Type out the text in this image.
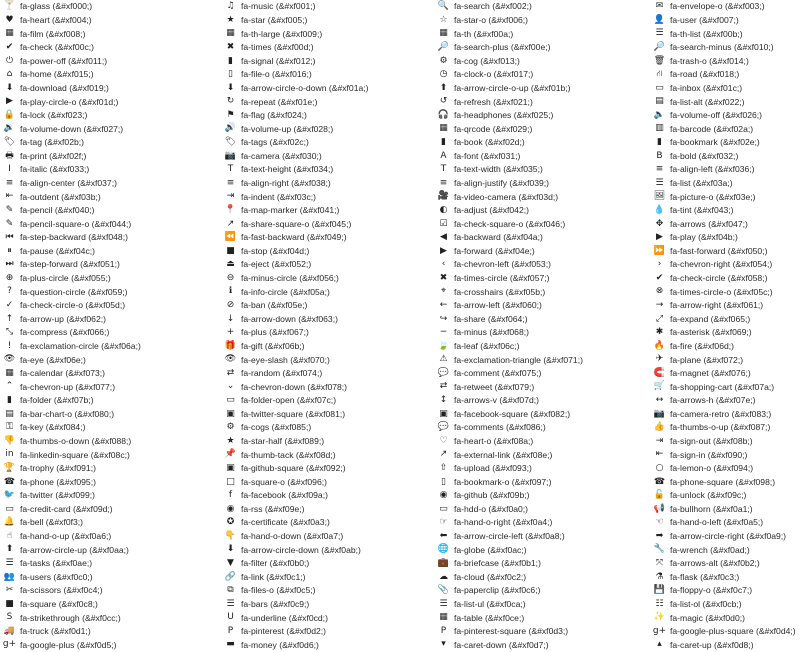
🍸 fa-glass (&#xf000;)
♥ fa-heart (&#xf004;)
▦ fa-film (&#xf008;)
✔ fa-check (&#xf00c;)
⏻ fa-power-off (&#xf011;)
⌂ fa-home (&#xf015;)
⬇ fa-download (&#xf019;)
▶ fa-play-circle-o (&#xf01d;)
🔒 fa-lock (&#xf023;)
🔉 fa-volume-down (&#xf027;)
🏷 fa-tag (&#xf02b;)
🖶 fa-print (&#xf02f;)
I	fa-italic (&#xf033;)
≡ fa-align-center (&#xf037;)
⇤ fa-outdent (&#xf03b;)
✎ fa-pencil (&#xf040;)
✎ fa-pencil-square-o (&#xf044;)
⏮ fa-step-backward (&#xf048;)
⏸ fa-pause (&#xf04c;)
⏭ fa-step-forward (&#xf051;)
⊕ fa-plus-circle (&#xf055;)
? fa-question-circle (&#xf059;)
✓ fa-check-circle-o (&#xf05d;)
↑ fa-arrow-up (&#xf062;)
⤡ fa-compress (&#xf066;)
!	fa-exclamation-circle (&#xf06a;)
👁 fa-eye (&#xf06e;)
▦ fa-calendar (&#xf073;)
⌃ fa-chevron-up (&#xf077;)
▮ fa-folder (&#xf07b;)
▤ fa-bar-chart-o (&#xf080;)
⚿ fa-key (&#xf084;)
👎 fa-thumbs-o-down (&#xf088;)
in fa-linkedin-square (&#xf08c;)
🏆 fa-trophy (&#xf091;)
☎ fa-phone (&#xf095;)
🐦 fa-twitter (&#xf099;)
▭ fa-credit-card (&#xf09d;)
🔔 fa-bell (&#xf0f3;)
☝ fa-hand-o-up (&#xf0a6;)
⬆ fa-arrow-circle-up (&#xf0aa;)
☰ fa-tasks (&#xf0ae;)
👥 fa-users (&#xf0c0;)
✂ fa-scissors (&#xf0c4;)
■ fa-square (&#xf0c8;)
S fa-strikethrough (&#xf0cc;)
🚚 fa-truck (&#xf0d1;)
g+ fa-google-plus (&#xf0d5;)
♫ fa-music (&#xf001;)
★ fa-star (&#xf005;)
▦ fa-th-large (&#xf009;)
✖ fa-times (&#xf00d;)
▮ fa-signal (&#xf012;)
▯ fa-file-o (&#xf016;)
⬇ fa-arrow-circle-o-down (&#xf01a;)
↻ fa-repeat (&#xf01e;)
⚑ fa-flag (&#xf024;)
🔊 fa-volume-up (&#xf028;)
🏷 fa-tags (&#xf02c;)
📷 fa-camera (&#xf030;)
T fa-text-height (&#xf034;)
≡ fa-align-right (&#xf038;)
⇥ fa-indent (&#xf03c;)
📍 fa-map-marker (&#xf041;)
↗ fa-share-square-o (&#xf045;)
⏪ fa-fast-backward (&#xf049;)
■ fa-stop (&#xf04d;)
⏏ fa-eject (&#xf052;)
⊖ fa-minus-circle (&#xf056;)
ℹ	fa-info-circle (&#xf05a;)
⊘ fa-ban (&#xf05e;)
↓ fa-arrow-down (&#xf063;)
+ fa-plus (&#xf067;)
🎁 fa-gift (&#xf06b;)
👁 fa-eye-slash (&#xf070;)
⇄ fa-random (&#xf074;)
⌄ fa-chevron-down (&#xf078;)
▭ fa-folder-open (&#xf07c;)
▣ fa-twitter-square (&#xf081;)
⚙ fa-cogs (&#xf085;)
★ fa-star-half (&#xf089;)
📌 fa-thumb-tack (&#xf08d;)
▣ fa-github-square (&#xf092;)
□ fa-square-o (&#xf096;)
f	fa-facebook (&#xf09a;)
◉ fa-rss (&#xf09e;)
✪ fa-certificate (&#xf0a3;)
👇 fa-hand-o-down (&#xf0a7;)
⬇ fa-arrow-circle-down (&#xf0ab;)
▼ fa-filter (&#xf0b0;)
🔗 fa-link (&#xf0c1;)
⧉ fa-files-o (&#xf0c5;)
☰ fa-bars (&#xf0c9;)
U fa-underline (&#xf0cd;)
P fa-pinterest (&#xf0d2;)
▬ fa-money (&#xf0d6;)
🔍 fa-search (&#xf002;)
☆ fa-star-o (&#xf006;)
▦ fa-th (&#xf00a;)
🔎 fa-search-plus (&#xf00e;)
⚙ fa-cog (&#xf013;)
◷ fa-clock-o (&#xf017;)
⬆ fa-arrow-circle-o-up (&#xf01b;)
↺ fa-refresh (&#xf021;)
🎧 fa-headphones (&#xf025;)
▦ fa-qrcode (&#xf029;)
▮ fa-book (&#xf02d;)
A fa-font (&#xf031;)
T fa-text-width (&#xf035;)
≡ fa-align-justify (&#xf039;)
🎥 fa-video-camera (&#xf03d;)
◐ fa-adjust (&#xf042;)
☑ fa-check-square-o (&#xf046;)
◀ fa-backward (&#xf04a;)
▶ fa-forward (&#xf04e;)
‹	fa-chevron-left (&#xf053;)
✖ fa-times-circle (&#xf057;)
⌖ fa-crosshairs (&#xf05b;)
← fa-arrow-left (&#xf060;)
↪ fa-share (&#xf064;)
− fa-minus (&#xf068;)
🍃 fa-leaf (&#xf06c;)
⚠ fa-exclamation-triangle (&#xf071;)
💬 fa-comment (&#xf075;)
⇄ fa-retweet (&#xf079;)
↕ fa-arrows-v (&#xf07d;)
▣ fa-facebook-square (&#xf082;)
💬 fa-comments (&#xf086;)
♡ fa-heart-o (&#xf08a;)
↗ fa-external-link (&#xf08e;)
⇧ fa-upload (&#xf093;)
▯ fa-bookmark-o (&#xf097;)
◉ fa-github (&#xf09b;)
▭ fa-hdd-o (&#xf0a0;)
☞ fa-hand-o-right (&#xf0a4;)
⬅ fa-arrow-circle-left (&#xf0a8;)
🌐 fa-globe (&#xf0ac;)
💼 fa-briefcase (&#xf0b1;)
☁ fa-cloud (&#xf0c2;)
📎 fa-paperclip (&#xf0c6;)
☰ fa-list-ul (&#xf0ca;)
▦ fa-table (&#xf0ce;)
P fa-pinterest-square (&#xf0d3;)
▾ fa-caret-down (&#xf0d7;)
✉ fa-envelope-o (&#xf003;)
👤 fa-user (&#xf007;)
☰ fa-th-list (&#xf00b;)
🔎 fa-search-minus (&#xf010;)
🗑 fa-trash-o (&#xf014;)
⛙ fa-road (&#xf018;)
▭ fa-inbox (&#xf01c;)
▤ fa-list-alt (&#xf022;)
🔈 fa-volume-off (&#xf026;)
▥ fa-barcode (&#xf02a;)
▮ fa-bookmark (&#xf02e;)
B fa-bold (&#xf032;)
≡ fa-align-left (&#xf036;)
☰ fa-list (&#xf03a;)
🖼 fa-picture-o (&#xf03e;)
💧 fa-tint (&#xf043;)
✥ fa-arrows (&#xf047;)
▶ fa-play (&#xf04b;)
⏩ fa-fast-forward (&#xf050;)
›	fa-chevron-right (&#xf054;)
✔ fa-check-circle (&#xf058;)
⊗ fa-times-circle-o (&#xf05c;)
→ fa-arrow-right (&#xf061;)
⤢ fa-expand (&#xf065;)
✱ fa-asterisk (&#xf069;)
🔥 fa-fire (&#xf06d;)
✈ fa-plane (&#xf072;)
🧲 fa-magnet (&#xf076;)
🛒 fa-shopping-cart (&#xf07a;)
↔ fa-arrows-h (&#xf07e;)
📷 fa-camera-retro (&#xf083;)
👍 fa-thumbs-o-up (&#xf087;)
⇥ fa-sign-out (&#xf08b;)
⇤ fa-sign-in (&#xf090;)
○ fa-lemon-o (&#xf094;)
☎ fa-phone-square (&#xf098;)
🔓 fa-unlock (&#xf09c;)
📢 fa-bullhorn (&#xf0a1;)
☜ fa-hand-o-left (&#xf0a5;)
➡ fa-arrow-circle-right (&#xf0a9;)
🔧 fa-wrench (&#xf0ad;)
⤧ fa-arrows-alt (&#xf0b2;)
⚗ fa-flask (&#xf0c3;)
💾 fa-floppy-o (&#xf0c7;)
☷ fa-list-ol (&#xf0cb;)
✨ fa-magic (&#xf0d0;)
g+ fa-google-plus-square (&#xf0d4;)
▴ fa-caret-up (&#xf0d8;)
